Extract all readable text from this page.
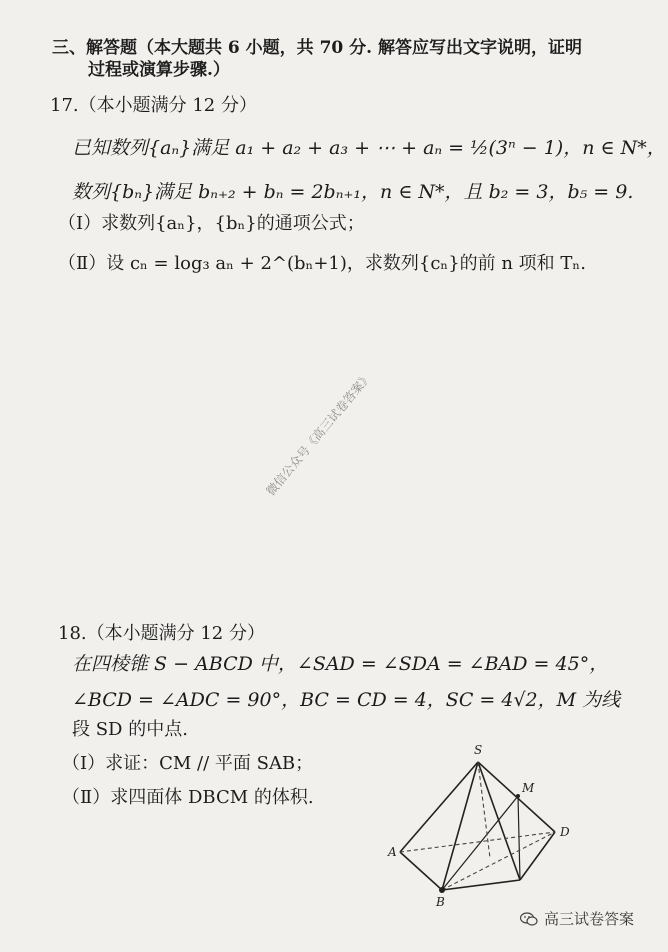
三、解答题（本大题共 6 小题，共 70 分. 解答应写出文字说明，证明
过程或演算步骤.）
17.（本小题满分 12 分）
已知数列{aₙ}满足 a₁ + a₂ + a₃ + ⋯ + aₙ = ½(3ⁿ − 1)，n ∈ N*，
数列{bₙ}满足 bₙ₊₂ + bₙ = 2bₙ₊₁，n ∈ N*，且 b₂ = 3，b₅ = 9.
（Ⅰ）求数列{aₙ}，{bₙ}的通项公式；
（Ⅱ）设 cₙ = log₃ aₙ + 2^(bₙ+1)，求数列{cₙ}的前 n 项和 Tₙ.
微信公众号《高三试卷答案》
18.（本小题满分 12 分）
在四棱锥 S − ABCD 中，∠SAD = ∠SDA = ∠BAD = 45°，
∠BCD = ∠ADC = 90°，BC = CD = 4，SC = 4√2，M 为线
段 SD 的中点.
（Ⅰ）求证：CM // 平面 SAB；
（Ⅱ）求四面体 DBCM 的体积.
S
M
D
A
B
高三试卷答案
